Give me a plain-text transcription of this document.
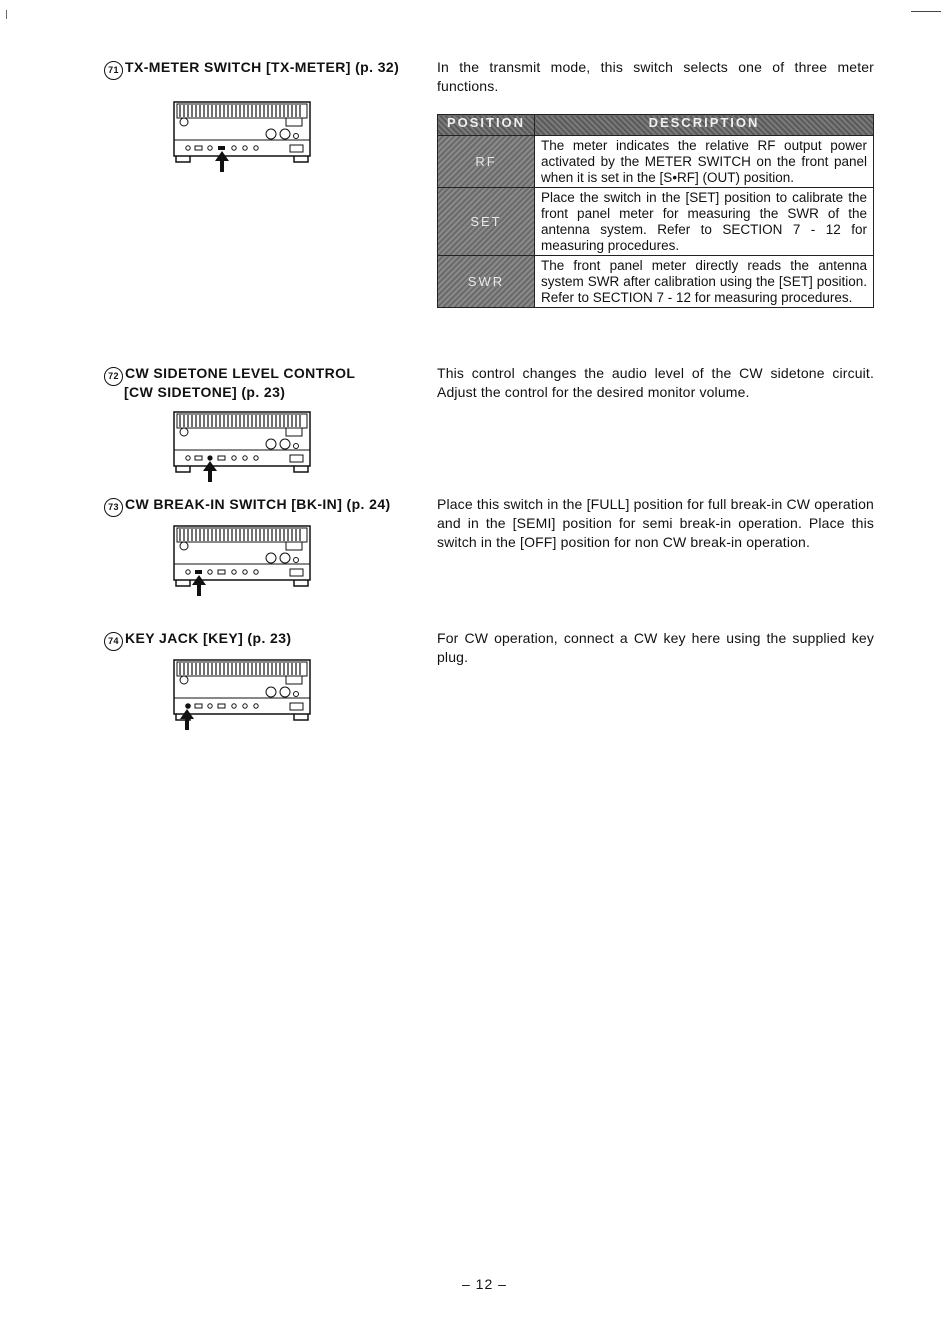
71 TX-METER SWITCH [TX-METER] (p. 32)	In the transmit mode, this switch selects one of three meter functions.
POSITION	DESCRIPTION
RF	The meter indicates the relative RF output power activated by the METER SWITCH on the front panel when it is set in the [S•RF] (OUT) position.
SET	Place the switch in the [SET] position to calibrate the front panel meter for measuring the SWR of the antenna system. Refer to SECTION 7 - 12 for measuring procedures.
SWR	The front panel meter directly reads the antenna system SWR after calibration using the [SET] position. Refer to SECTION 7 - 12 for measuring procedures.
72 CW SIDETONE LEVEL CONTROL
[CW SIDETONE] (p. 23)
This control changes the audio level of the CW sidetone circuit. Adjust the control for the desired monitor volume.
73 CW BREAK-IN SWITCH [BK-IN] (p. 24)	Place this switch in the [FULL] position for full break-in CW operation and in the [SEMI] position for semi break-in operation. Place this switch in the [OFF] position for non CW break-in operation.
74 KEY JACK [KEY] (p. 23)	For CW operation, connect a CW key here using the supplied key plug.
– 12 –
